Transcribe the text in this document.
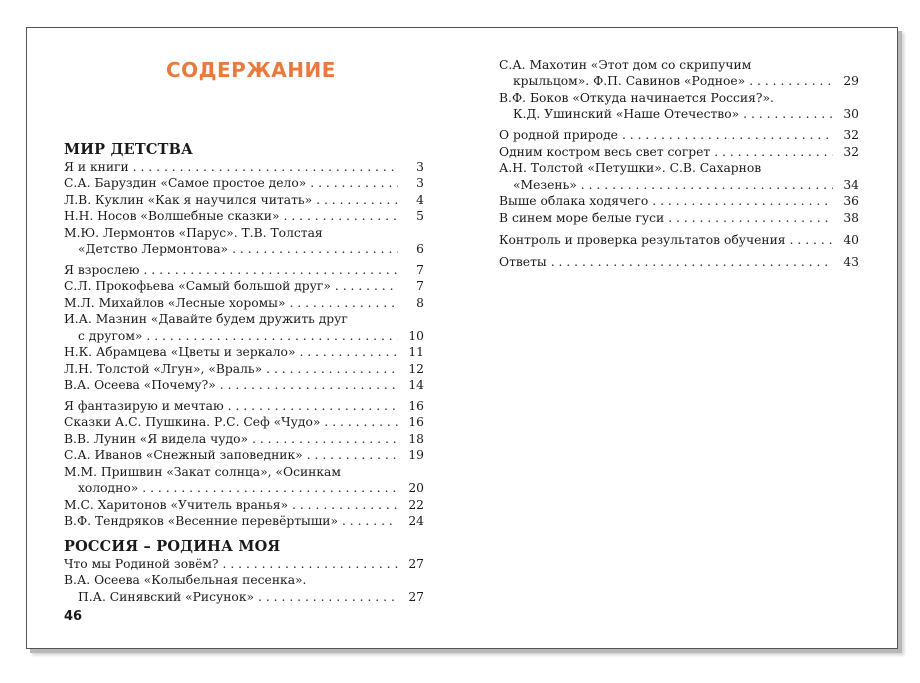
СОДЕРЖАНИЕ
МИР ДЕТСТВА
Я и книги . . .	3
С.А. Баруздин «Самое простое дело» . . .	3
Л.В. Куклин «Как я научился читать» . . .	4
Н.Н. Носов «Волшебные сказки» . . .	5
М.Ю. Лермонтов «Парус». Т.В. Толстая
«Детство Лермонтова» . . .	6
Я взрослею . . .	7
С.Л. Прокофьева «Самый большой друг» . . .	7
М.Л. Михайлов «Лесные хоромы» . . .	8
И.А. Мазнин «Давайте будем дружить друг
с другом» . . .	10
Н.К. Абрамцева «Цветы и зеркало» . . .	11
Л.Н. Толстой «Лгун», «Враль» . . .	12
В.А. Осеева «Почему?» . . .	14
Я фантазирую и мечтаю . . .	16
Сказки А.С. Пушкина. Р.С. Сеф «Чудо» . . .	16
В.В. Лунин «Я видела чудо» . . .	18
С.А. Иванов «Снежный заповедник» . . .	19
М.М. Пришвин «Закат солнца», «Осинкам
холодно» . . .	20
М.С. Харитонов «Учитель вранья» . . .	22
В.Ф. Тендряков «Весенние перевёртыши» . . .	24
РОССИЯ – РОДИНА МОЯ
Что мы Родиной зовём? . . .	27
В.А. Осеева «Колыбельная песенка».
П.А. Синявский «Рисунок» . . .	27
С.А. Махотин «Этот дом со скрипучим
крыльцом». Ф.П. Савинов «Родное» . . .	29
В.Ф. Боков «Откуда начинается Россия?».
К.Д. Ушинский «Наше Отечество» . . .	30
О родной природе . . .	32
Одним костром весь свет согрет . . .	32
А.Н. Толстой «Петушки». С.В. Сахарнов
«Мезень» . . .	34
Выше облака ходячего . . .	36
В синем море белые гуси . . .	38
Контроль и проверка результатов обучения . . .	40
Ответы . . .	43
46
